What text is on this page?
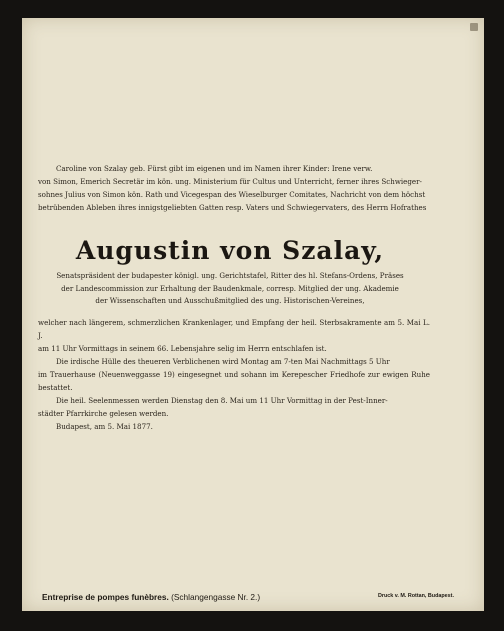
Caroline von Szalay geb. Fürst gibt im eigenen und im Namen ihrer Kinder: Irene verw.

von Simon, Emerich Secretär im kön. ung. Ministerium für Cultus und Unterricht, ferner ihres Schwieger-

sohnes Julius von Simon kön. Rath und Vicegespan des Wieselburger Comitates, Nachricht von dem höchst

betrübenden Ableben ihres innigstgeliebten Gatten resp. Vaters und Schwiegervaters, des Herrn Hofrathes

Augustin von Szalay,
Senatspräsident der budapester königl. ung. Gerichtstafel, Ritter des hl. Stefans-Ordens, Präses
der Landescommission zur Erhaltung der Baudenkmale, corresp. Mitglied der ung. Akademie
der Wissenschaften und Ausschußmitglied des ung. Historischen-Vereines,

welcher nach längerem, schmerzlichen Krankenlager, und Empfang der heil. Sterbsakramente am 5. Mai L. J.

am 11 Uhr Vormittags in seinem 66. Lebensjahre selig im Herrn entschlafen ist.

Die irdische Hülle des theueren Verblichenen wird Montag am 7-ten Mai Nachmittags 5 Uhr

im Trauerhause (Neuenweggasse 19) eingesegnet und sohann im Kerepescher Friedhofe zur ewigen Ruhe bestattet.

Die heil. Seelenmessen werden Dienstag den 8. Mai um 11 Uhr Vormittag in der Pest-Inner-

städter Pfarrkirche gelesen werden.

Budapest, am 5. Mai 1877.

Entreprise de pompes funèbres. (Schlangengasse Nr. 2.)	Druck v. M. Rottan, Budapest.
